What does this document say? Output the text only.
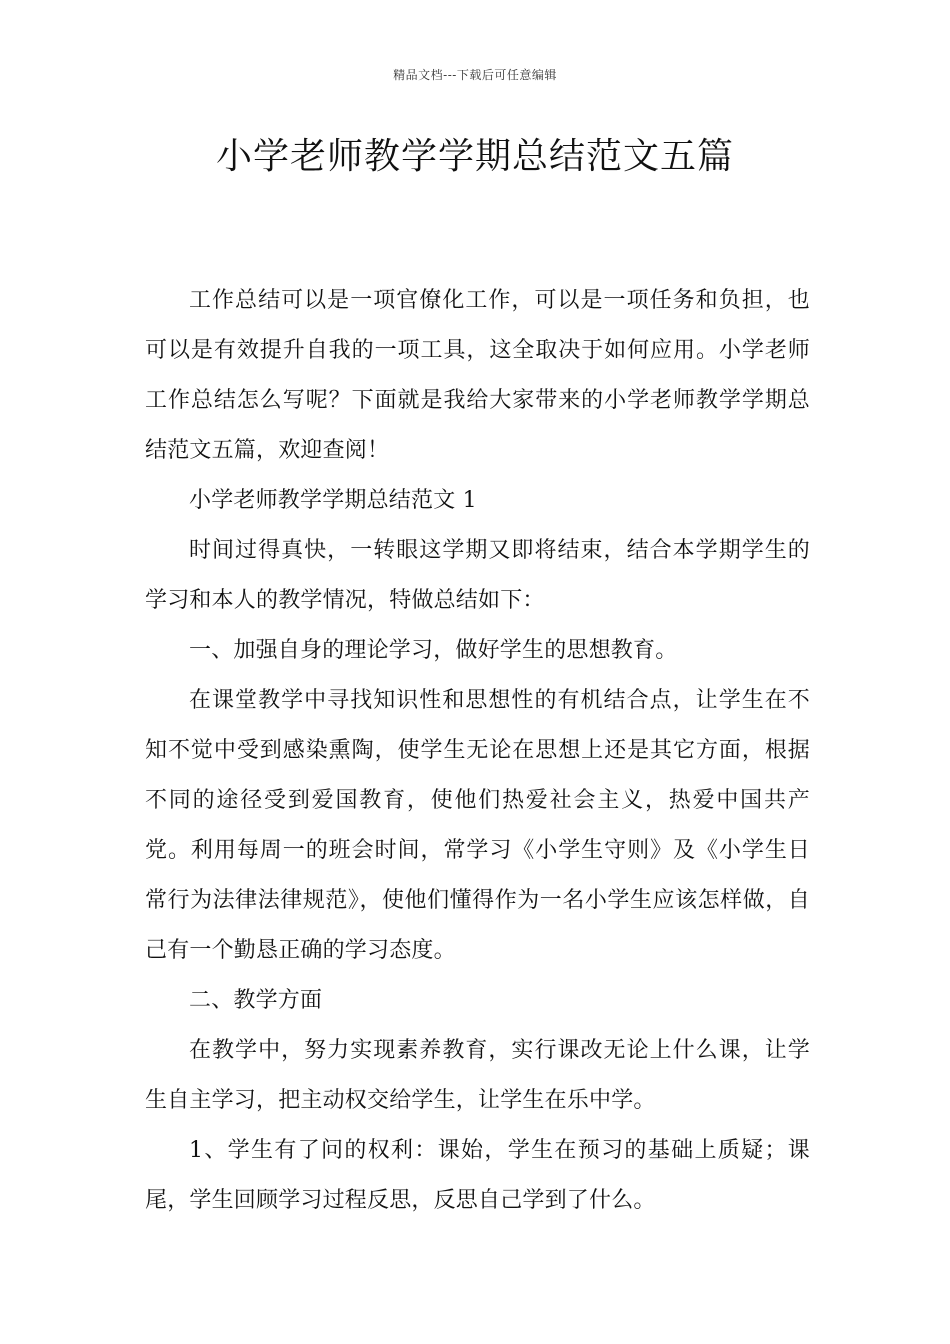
精品文档---下载后可任意编辑
小学老师教学学期总结范文五篇

工作总结可以是一项官僚化工作，可以是一项任务和负担，也可以是有效提升自我的一项工具，这全取决于如何应用。小学老师工作总结怎么写呢？下面就是我给大家带来的小学老师教学学期总结范文五篇，欢迎查阅！

小学老师教学学期总结范文 1

时间过得真快，一转眼这学期又即将结束，结合本学期学生的学习和本人的教学情况，特做总结如下：

一、加强自身的理论学习，做好学生的思想教育。

在课堂教学中寻找知识性和思想性的有机结合点，让学生在不知不觉中受到感染熏陶，使学生无论在思想上还是其它方面，根据不同的途径受到爱国教育，使他们热爱社会主义，热爱中国共产党。利用每周一的班会时间，常学习《小学生守则》及《小学生日常行为法律法律规范》，使他们懂得作为一名小学生应该怎样做，自己有一个勤恳正确的学习态度。

二、教学方面

在教学中，努力实现素养教育，实行课改无论上什么课，让学生自主学习，把主动权交给学生，让学生在乐中学。

1、学生有了问的权利：课始，学生在预习的基础上质疑；课尾，学生回顾学习过程反思，反思自己学到了什么。
